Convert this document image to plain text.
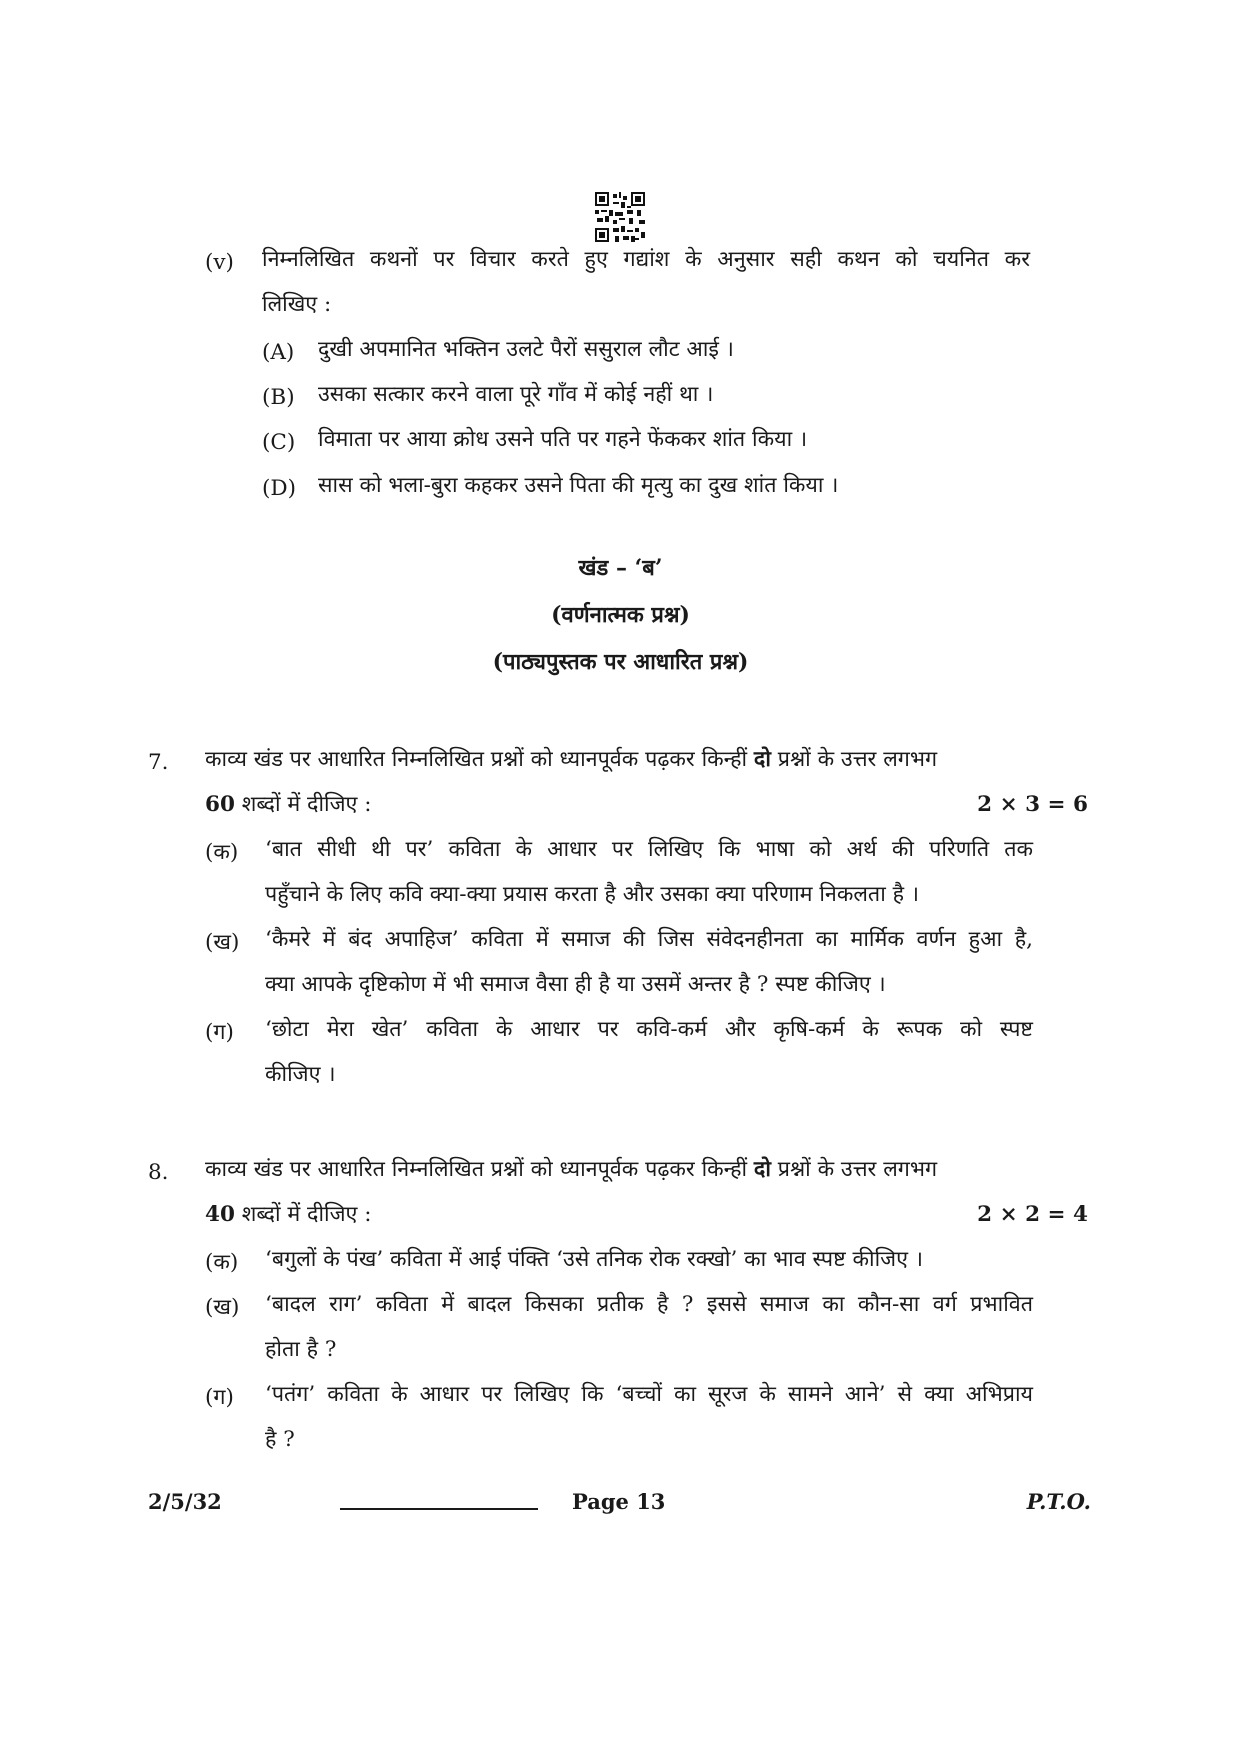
(v) निम्नलिखित कथनों पर विचार करते हुए गद्यांश के अनुसार सही कथन को चयनित कर
लिखिए :
(A) दुखी अपमानित भक्तिन उलटे पैरों ससुराल लौट आई ।
(B) उसका सत्कार करने वाला पूरे गाँव में कोई नहीं था ।
(C) विमाता पर आया क्रोध उसने पति पर गहने फेंककर शांत किया ।
(D) सास को भला-बुरा कहकर उसने पिता की मृत्यु का दुख शांत किया ।
खंड – ‘ब’
(वर्णनात्मक प्रश्न)
(पाठ्यपुस्तक पर आधारित प्रश्न)
7. काव्य खंड पर आधारित निम्नलिखित प्रश्नों को ध्यानपूर्वक पढ़कर किन्हीं दो प्रश्नों के उत्तर लगभग
60 शब्दों में दीजिए :	2 × 3 = 6
(क) ‘बात सीधी थी पर’ कविता के आधार पर लिखिए कि भाषा को अर्थ की परिणति तक
पहुँचाने के लिए कवि क्या-क्या प्रयास करता है और उसका क्या परिणाम निकलता है ।
(ख) ‘कैमरे में बंद अपाहिज’ कविता में समाज की जिस संवेदनहीनता का मार्मिक वर्णन हुआ है,
क्या आपके दृष्टिकोण में भी समाज वैसा ही है या उसमें अन्तर है ? स्पष्ट कीजिए ।
(ग) ‘छोटा मेरा खेत’ कविता के आधार पर कवि-कर्म और कृषि-कर्म के रूपक को स्पष्ट
कीजिए ।
8. काव्य खंड पर आधारित निम्नलिखित प्रश्नों को ध्यानपूर्वक पढ़कर किन्हीं दो प्रश्नों के उत्तर लगभग
40 शब्दों में दीजिए :	2 × 2 = 4
(क) ‘बगुलों के पंख’ कविता में आई पंक्ति ‘उसे तनिक रोक रक्खो’ का भाव स्पष्ट कीजिए ।
(ख) ‘बादल राग’ कविता में बादल किसका प्रतीक है ? इससे समाज का कौन-सा वर्ग प्रभावित
होता है ?
(ग) ‘पतंग’ कविता के आधार पर लिखिए कि ‘बच्चों का सूरज के सामने आने’ से क्या अभिप्राय
है ?
2/5/32	Page 13	P.T.O.
